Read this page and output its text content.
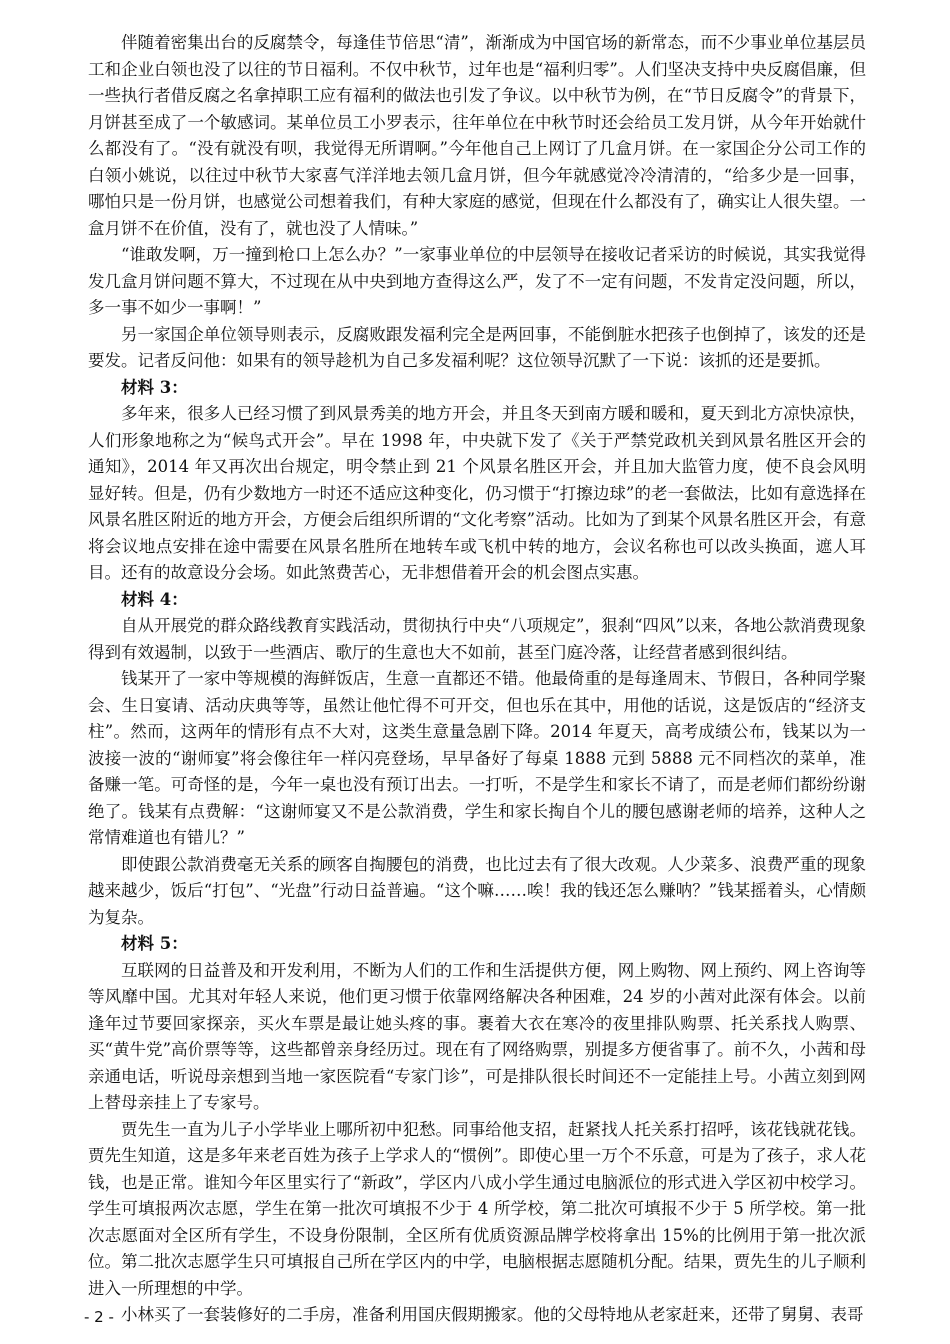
伴随着密集出台的反腐禁令，每逢佳节倍思“清”，渐渐成为中国官场的新常态，而不少事业单位基层员工和企业白领也没了以往的节日福利。不仅中秋节，过年也是“福利归零”。人们坚决支持中央反腐倡廉，但一些执行者借反腐之名拿掉职工应有福利的做法也引发了争议。以中秋节为例，在“节日反腐令”的背景下，月饼甚至成了一个敏感词。某单位员工小罗表示，往年单位在中秋节时还会给员工发月饼，从今年开始就什么都没有了。“没有就没有呗，我觉得无所谓啊。”今年他自己上网订了几盒月饼。在一家国企分公司工作的白领小姚说，以往过中秋节大家喜气洋洋地去领几盒月饼，但今年就感觉冷冷清清的，“给多少是一回事，哪怕只是一份月饼，也感觉公司想着我们，有种大家庭的感觉，但现在什么都没有了，确实让人很失望。一盒月饼不在价值，没有了，就也没了人情味。”

“谁敢发啊，万一撞到枪口上怎么办？”一家事业单位的中层领导在接收记者采访的时候说，其实我觉得发几盒月饼问题不算大，不过现在从中央到地方查得这么严，发了不一定有问题，不发肯定没问题，所以，多一事不如少一事啊！”

另一家国企单位领导则表示，反腐败跟发福利完全是两回事，不能倒脏水把孩子也倒掉了，该发的还是要发。记者反问他：如果有的领导趁机为自己多发福利呢？这位领导沉默了一下说：该抓的还是要抓。

材料 3：

多年来，很多人已经习惯了到风景秀美的地方开会，并且冬天到南方暖和暖和，夏天到北方凉快凉快，人们形象地称之为“候鸟式开会”。早在 1998 年，中央就下发了《关于严禁党政机关到风景名胜区开会的通知》，2014 年又再次出台规定，明令禁止到 21 个风景名胜区开会，并且加大监管力度，使不良会风明显好转。但是，仍有少数地方一时还不适应这种变化，仍习惯于“打擦边球”的老一套做法，比如有意选择在风景名胜区附近的地方开会，方便会后组织所谓的“文化考察”活动。比如为了到某个风景名胜区开会，有意将会议地点安排在途中需要在风景名胜所在地转车或飞机中转的地方，会议名称也可以改头换面，遮人耳目。还有的故意设分会场。如此煞费苦心，无非想借着开会的机会图点实惠。

材料 4：

自从开展党的群众路线教育实践活动，贯彻执行中央“八项规定”，狠刹“四风”以来，各地公款消费现象得到有效遏制，以致于一些酒店、歌厅的生意也大不如前，甚至门庭冷落，让经营者感到很纠结。

钱某开了一家中等规模的海鲜饭店，生意一直都还不错。他最倚重的是每逢周末、节假日，各种同学聚会、生日宴请、活动庆典等等，虽然让他忙得不可开交，但也乐在其中，用他的话说，这是饭店的“经济支柱”。然而，这两年的情形有点不大对，这类生意量急剧下降。2014 年夏天，高考成绩公布，钱某以为一波接一波的“谢师宴”将会像往年一样闪亮登场，早早备好了每桌 1888 元到 5888 元不同档次的菜单，准备赚一笔。可奇怪的是，今年一桌也没有预订出去。一打听，不是学生和家长不请了，而是老师们都纷纷谢绝了。钱某有点费解：“这谢师宴又不是公款消费，学生和家长掏自个儿的腰包感谢老师的培养，这种人之常情难道也有错儿？”

即使跟公款消费毫无关系的顾客自掏腰包的消费，也比过去有了很大改观。人少菜多、浪费严重的现象越来越少，饭后“打包”、“光盘”行动日益普遍。“这个嘛……唉！我的钱还怎么赚呐？”钱某摇着头，心情颇为复杂。

材料 5：

互联网的日益普及和开发利用，不断为人们的工作和生活提供方便，网上购物、网上预约、网上咨询等等风靡中国。尤其对年轻人来说，他们更习惯于依靠网络解决各种困难，24 岁的小茜对此深有体会。以前逢年过节要回家探亲，买火车票是最让她头疼的事。裹着大衣在寒冷的夜里排队购票、托关系找人购票、买“黄牛党”高价票等等，这些都曾亲身经历过。现在有了网络购票，别提多方便省事了。前不久，小茜和母亲通电话，听说母亲想到当地一家医院看“专家门诊”，可是排队很长时间还不一定能挂上号。小茜立刻到网上替母亲挂上了专家号。

贾先生一直为儿子小学毕业上哪所初中犯愁。同事给他支招，赶紧找人托关系打招呼，该花钱就花钱。贾先生知道，这是多年来老百姓为孩子上学求人的“惯例”。即使心里一万个不乐意，可是为了孩子，求人花钱，也是正常。谁知今年区里实行了“新政”，学区内八成小学生通过电脑派位的形式进入学区初中校学习。学生可填报两次志愿，学生在第一批次可填报不少于 4 所学校，第二批次可填报不少于 5 所学校。第一批次志愿面对全区所有学生，不设身份限制，全区所有优质资源品牌学校将拿出 15%的比例用于第一批次派位。第二批次志愿学生只可填报自己所在学区内的中学，电脑根据志愿随机分配。结果，贾先生的儿子顺利进入一所理想的中学。

小林买了一套装修好的二手房，准备利用国庆假期搬家。他的父母特地从老家赶来，还带了舅舅、表哥

- 2 -
